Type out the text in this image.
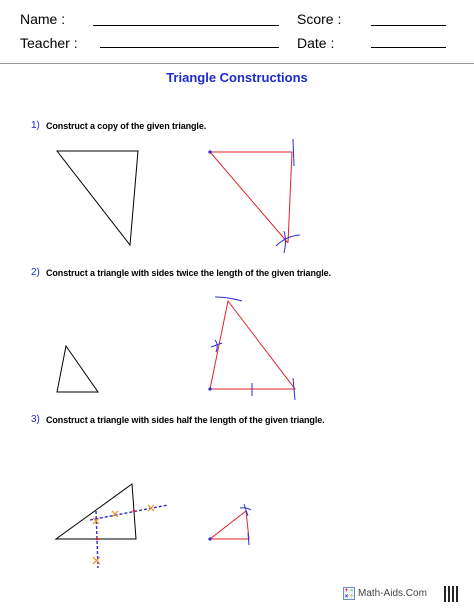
Name :	Score :
Teacher :	Date :
Triangle Constructions
1) Construct a copy of the given triangle.
2) Construct a triangle with sides twice the length of the given triangle.
3) Construct a triangle with sides half the length of the given triangle.
+ −
× ÷ Math-Aids.Com
